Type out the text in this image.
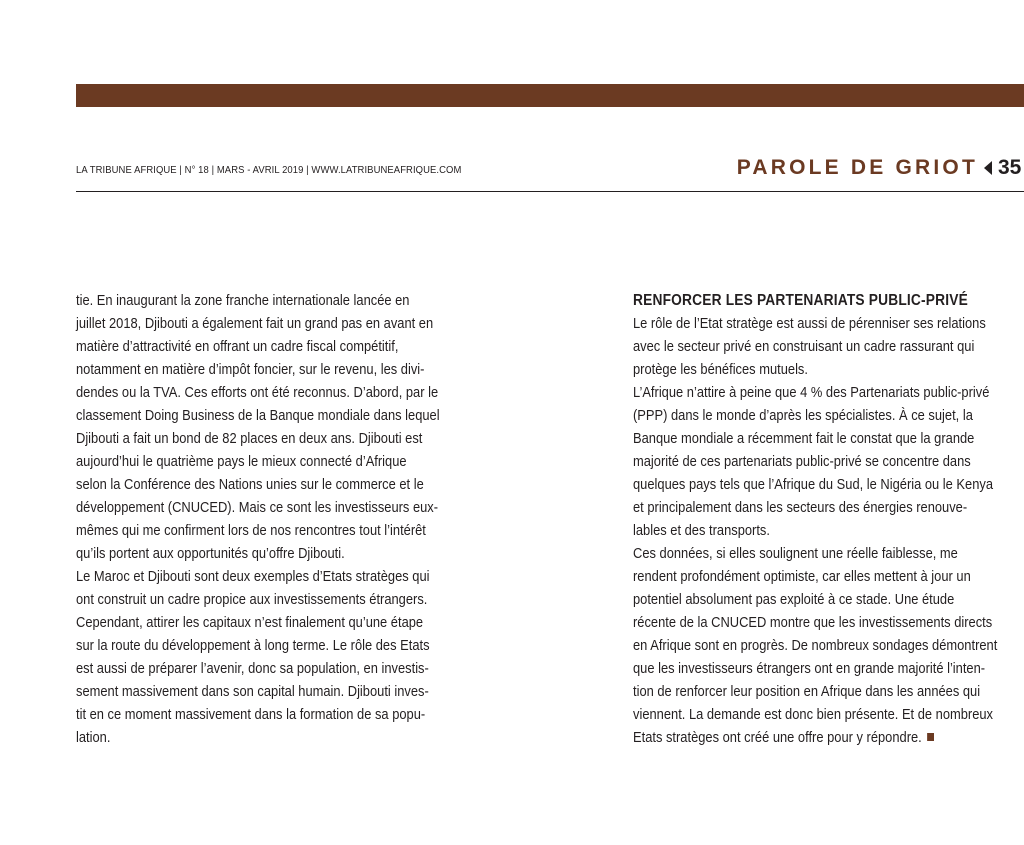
LA TRIBUNE AFRIQUE | N° 18 | MARS - AVRIL 2019 | WWW.LATRIBUNEAFRIQUE.COM	PAROLE DE GRIOT 35
tie. En inaugurant la zone franche internationale lancée en
juillet 2018, Djibouti a également fait un grand pas en avant en
matière d’attractivité en offrant un cadre fiscal compétitif,
notamment en matière d’impôt foncier, sur le revenu, les divi-
dendes ou la TVA. Ces efforts ont été reconnus. D’abord, par le
classement Doing Business de la Banque mondiale dans lequel
Djibouti a fait un bond de 82 places en deux ans. Djibouti est
aujourd’hui le quatrième pays le mieux connecté d’Afrique
selon la Conférence des Nations unies sur le commerce et le
développement (CNUCED). Mais ce sont les investisseurs eux-
mêmes qui me confirment lors de nos rencontres tout l’intérêt
qu’ils portent aux opportunités qu’offre Djibouti.
Le Maroc et Djibouti sont deux exemples d’Etats stratèges qui
ont construit un cadre propice aux investissements étrangers.
Cependant, attirer les capitaux n’est finalement qu’une étape
sur la route du développement à long terme. Le rôle des Etats
est aussi de préparer l’avenir, donc sa population, en investis-
sement massivement dans son capital humain. Djibouti inves-
tit en ce moment massivement dans la formation de sa popu-
lation.
RENFORCER LES PARTENARIATS PUBLIC-PRIVÉ
Le rôle de l’Etat stratège est aussi de pérenniser ses relations
avec le secteur privé en construisant un cadre rassurant qui
protège les bénéfices mutuels.
L’Afrique n’attire à peine que 4 % des Partenariats public-privé
(PPP) dans le monde d’après les spécialistes. À ce sujet, la
Banque mondiale a récemment fait le constat que la grande
majorité de ces partenariats public-privé se concentre dans
quelques pays tels que l’Afrique du Sud, le Nigéria ou le Kenya
et principalement dans les secteurs des énergies renouve-
lables et des transports.
Ces données, si elles soulignent une réelle faiblesse, me
rendent profondément optimiste, car elles mettent à jour un
potentiel absolument pas exploité à ce stade. Une étude
récente de la CNUCED montre que les investissements directs
en Afrique sont en progrès. De nombreux sondages démontrent
que les investisseurs étrangers ont en grande majorité l’inten-
tion de renforcer leur position en Afrique dans les années qui
viennent. La demande est donc bien présente. Et de nombreux
Etats stratèges ont créé une offre pour y répondre.
